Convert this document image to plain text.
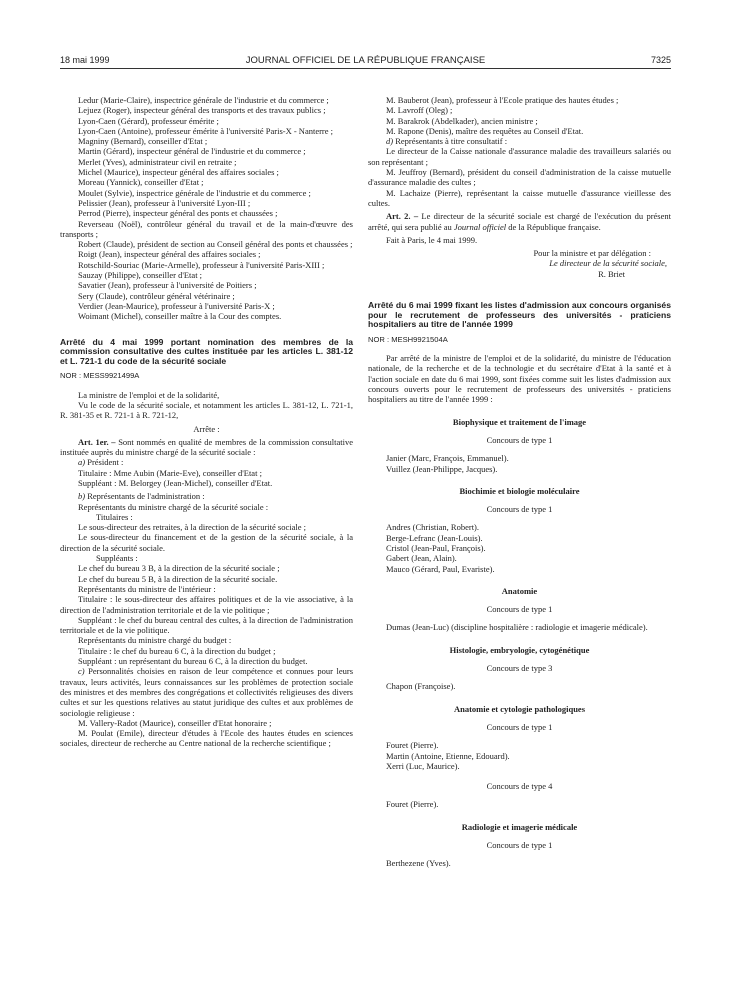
18 mai 1999	JOURNAL OFFICIEL DE LA RÉPUBLIQUE FRANÇAISE	7325

Ledur (Marie-Claire), inspectrice générale de l'industrie et du commerce ;

Lejuez (Roger), inspecteur général des transports et des travaux publics ;

Lyon-Caen (Gérard), professeur émérite ;

Lyon-Caen (Antoine), professeur émérite à l'université Paris-X - Nanterre ;

Magniny (Bernard), conseiller d'Etat ;

Martin (Gérard), inspecteur général de l'industrie et du commerce ;

Merlet (Yves), administrateur civil en retraite ;

Michel (Maurice), inspecteur général des affaires sociales ;

Moreau (Yannick), conseiller d'Etat ;

Moulet (Sylvie), inspectrice générale de l'industrie et du commerce ;

Pelissier (Jean), professeur à l'université Lyon-III ;

Perrod (Pierre), inspecteur général des ponts et chaussées ;

Reverseau (Noël), contrôleur général du travail et de la main-d'œuvre des transports ;

Robert (Claude), président de section au Conseil général des ponts et chaussées ;

Roigt (Jean), inspecteur général des affaires sociales ;

Rotschild-Souriac (Marie-Armelle), professeur à l'université Paris-XIII ;

Sauzay (Philippe), conseiller d'Etat ;

Savatier (Jean), professeur à l'université de Poitiers ;

Sery (Claude), contrôleur général vétérinaire ;

Verdier (Jean-Maurice), professeur à l'université Paris-X ;

Woimant (Michel), conseiller maître à la Cour des comptes.

Arrêté du 4 mai 1999 portant nomination des membres de la commission consultative des cultes instituée par les articles L. 381-12 et L. 721-1 du code de la sécurité sociale

NOR : MESS9921499A

La ministre de l'emploi et de la solidarité,

Vu le code de la sécurité sociale, et notamment les articles L. 381-12, L. 721-1, R. 381-35 et R. 721-1 à R. 721-12,

Arrête :

Art. 1er. – Sont nommés en qualité de membres de la commission consultative instituée auprès du ministre chargé de la sécurité sociale :

a) Président :

Titulaire : Mme Aubin (Marie-Eve), conseiller d'Etat ;

Suppléant : M. Belorgey (Jean-Michel), conseiller d'Etat.

b) Représentants de l'administration :

Représentants du ministre chargé de la sécurité sociale :

Titulaires :

Le sous-directeur des retraites, à la direction de la sécurité sociale ;

Le sous-directeur du financement et de la gestion de la sécurité sociale, à la direction de la sécurité sociale.

Suppléants :

Le chef du bureau 3 B, à la direction de la sécurité sociale ;

Le chef du bureau 5 B, à la direction de la sécurité sociale.

Représentants du ministre de l'intérieur :

Titulaire : le sous-directeur des affaires politiques et de la vie associative, à la direction de l'administration territoriale et de la vie politique ;

Suppléant : le chef du bureau central des cultes, à la direction de l'administration territoriale et de la vie politique.

Représentants du ministre chargé du budget :

Titulaire : le chef du bureau 6 C, à la direction du budget ;

Suppléant : un représentant du bureau 6 C, à la direction du budget.

c) Personnalités choisies en raison de leur compétence et connues pour leurs travaux, leurs activités, leurs connaissances sur les problèmes de protection sociale des ministres et des membres des congrégations et collectivités religieuses des divers cultes et sur les questions relatives au statut juridique des cultes et aux problèmes de sociologie religieuse :

M. Vallery-Radot (Maurice), conseiller d'Etat honoraire ;

M. Poulat (Emile), directeur d'études à l'Ecole des hautes études en sciences sociales, directeur de recherche au Centre national de la recherche scientifique ;

M. Bauberot (Jean), professeur à l'Ecole pratique des hautes études ;

M. Lavroff (Oleg) ;

M. Barakrok (Abdelkader), ancien ministre ;

M. Rapone (Denis), maître des requêtes au Conseil d'Etat.

d) Représentants à titre consultatif :

Le directeur de la Caisse nationale d'assurance maladie des travailleurs salariés ou son représentant ;

M. Jeuffroy (Bernard), président du conseil d'administration de la caisse mutuelle d'assurance maladie des cultes ;

M. Lachaize (Pierre), représentant la caisse mutuelle d'assurance vieillesse des cultes.

Art. 2. – Le directeur de la sécurité sociale est chargé de l'exécution du présent arrêté, qui sera publié au Journal officiel de la République française.

Fait à Paris, le 4 mai 1999.

Pour la ministre et par délégation :

Le directeur de la sécurité sociale,

R. Briet

Arrêté du 6 mai 1999 fixant les listes d'admission aux concours organisés pour le recrutement de professeurs des universités - praticiens hospitaliers au titre de l'année 1999

NOR : MESH9921504A

Par arrêté de la ministre de l'emploi et de la solidarité, du ministre de l'éducation nationale, de la recherche et de la technologie et du secrétaire d'Etat à la santé et à l'action sociale en date du 6 mai 1999, sont fixées comme suit les listes d'admission aux concours ouverts pour le recrutement de professeurs des universités - praticiens hospitaliers au titre de l'année 1999 :

Biophysique et traitement de l'image

Concours de type 1

Janier (Marc, François, Emmanuel).

Vuillez (Jean-Philippe, Jacques).

Biochimie et biologie moléculaire

Concours de type 1

Andres (Christian, Robert).

Berge-Lefranc (Jean-Louis).

Cristol (Jean-Paul, François).

Gabert (Jean, Alain).

Mauco (Gérard, Paul, Evariste).

Anatomie

Concours de type 1

Dumas (Jean-Luc) (discipline hospitalière : radiologie et imagerie médicale).

Histologie, embryologie, cytogénétique

Concours de type 3

Chapon (Françoise).

Anatomie et cytologie pathologiques

Concours de type 1

Fouret (Pierre).

Martin (Antoine, Etienne, Edouard).

Xerri (Luc, Maurice).

Concours de type 4

Fouret (Pierre).

Radiologie et imagerie médicale

Concours de type 1

Berthezene (Yves).
